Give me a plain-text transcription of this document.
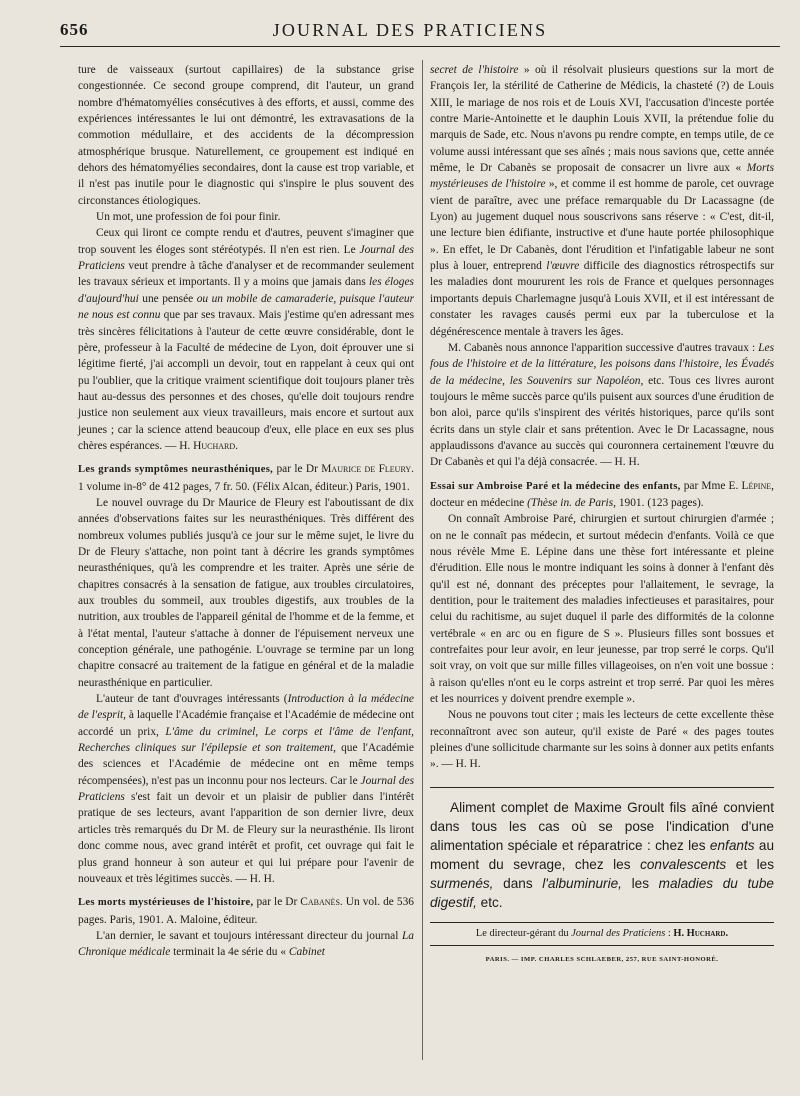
656	JOURNAL DES PRATICIENS

ture de vaisseaux (surtout capillaires) de la substance grise congestionnée. Ce second groupe comprend, dit l'auteur, un grand nombre d'hématomyélies consécutives à des efforts, et aussi, comme des expériences intéressantes le lui ont démontré, les extravasations de la commotion médullaire, et des accidents de la décompression atmosphérique brusque. Naturellement, ce groupement est indiqué en dehors des hématomyélies secondaires, dont la cause est trop variable, et il n'est pas inutile pour le diagnostic qui s'inspire le plus souvent des circonstances étiologiques.

Un mot, une profession de foi pour finir.

Ceux qui liront ce compte rendu et d'autres, peuvent s'imaginer que trop souvent les éloges sont stéréotypés. Il n'en est rien. Le Journal des Praticiens veut prendre à tâche d'analyser et de recommander seulement les travaux sérieux et importants. Il y a moins que jamais dans les éloges d'aujourd'hui une pensée ou un mobile de camaraderie, puisque l'auteur ne nous est connu que par ses travaux. Mais j'estime qu'en adressant mes très sincères félicitations à l'auteur de cette œuvre considérable, dont le père, professeur à la Faculté de médecine de Lyon, doit éprouver une si légitime fierté, j'ai accompli un devoir, tout en rappelant à ceux qui ont pu l'oublier, que la critique vraiment scientifique doit toujours planer très haut au-dessus des personnes et des choses, qu'elle doit toujours rendre justice non seulement aux vieux travailleurs, mais encore et surtout aux jeunes ; car la science attend beaucoup d'eux, elle place en eux ses plus chères espérances. — H. Huchard.

Les grands symptômes neurasthéniques, par le Dr Maurice de Fleury. 1 volume in-8° de 412 pages, 7 fr. 50. (Félix Alcan, éditeur.) Paris, 1901.

Le nouvel ouvrage du Dr Maurice de Fleury est l'aboutissant de dix années d'observations faites sur les neurasthéniques. Très différent des nombreux volumes publiés jusqu'à ce jour sur le même sujet, le livre du Dr de Fleury s'attache, non point tant à décrire les grands symptômes neurasthéniques, qu'à les comprendre et les traiter. Après une série de chapitres consacrés à la sensation de fatigue, aux troubles circulatoires, aux troubles du sommeil, aux troubles digestifs, aux troubles de la nutrition, aux troubles de l'appareil génital de l'homme et de la femme, et à l'état mental, l'auteur s'attache à donner de l'épuisement nerveux une conception générale, une pathogénie. L'ouvrage se termine par un long chapitre consacré au traitement de la fatigue en général et de la maladie neurasthénique en particulier.

L'auteur de tant d'ouvrages intéressants (Introduction à la médecine de l'esprit, à laquelle l'Académie française et l'Académie de médecine ont accordé un prix, L'âme du criminel, Le corps et l'âme de l'enfant, Recherches cliniques sur l'épilepsie et son traitement, que l'Académie des sciences et l'Académie de médecine ont en même temps récompensées), n'est pas un inconnu pour nos lecteurs. Car le Journal des Praticiens s'est fait un devoir et un plaisir de publier dans l'intérêt pratique de ses lecteurs, avant l'apparition de son dernier livre, deux articles très remarqués du Dr M. de Fleury sur la neurasthénie. Ils liront donc comme nous, avec grand intérêt et profit, cet ouvrage qui fait le plus grand honneur à son auteur et qui lui prépare pour l'avenir de nouveaux et très légitimes succès. — H. H.

Les morts mystérieuses de l'histoire, par le Dr Cabanès. Un vol. de 536 pages. Paris, 1901. A. Maloine, éditeur.

L'an dernier, le savant et toujours intéressant directeur du journal La Chronique médicale terminait la 4e série du « Cabinet

secret de l'histoire » où il résolvait plusieurs questions sur la mort de François Ier, la stérilité de Catherine de Médicis, la chasteté (?) de Louis XIII, le mariage de nos rois et de Louis XVI, l'accusation d'inceste portée contre Marie-Antoinette et le dauphin Louis XVII, la prétendue folie du marquis de Sade, etc. Nous n'avons pu rendre compte, en temps utile, de ce volume aussi intéressant que ses aînés ; mais nous savions que, cette année même, le Dr Cabanès se proposait de consacrer un livre aux « Morts mystérieuses de l'histoire », et comme il est homme de parole, cet ouvrage vient de paraître, avec une préface remarquable du Dr Lacassagne (de Lyon) au jugement duquel nous souscrivons sans réserve : « C'est, dit-il, une lecture bien édifiante, instructive et d'une haute portée philosophique ». En effet, le Dr Cabanès, dont l'érudition et l'infatigable labeur ne sont plus à louer, entreprend l'œuvre difficile des diagnostics rétrospectifs sur les maladies dont moururent les rois de France et quelques personnages importants depuis Charlemagne jusqu'à Louis XVII, et il est intéressant de constater les ravages causés permi eux par la tuberculose et la dégénérescence mentale à travers les âges.

M. Cabanès nous annonce l'apparition successive d'autres travaux : Les fous de l'histoire et de la littérature, les poisons dans l'histoire, les Évadés de la médecine, les Souvenirs sur Napoléon, etc. Tous ces livres auront toujours le même succès parce qu'ils puisent aux sources d'une érudition de bon aloi, parce qu'ils s'inspirent des vérités historiques, parce qu'ils sont écrits dans un style clair et sans prétention. Avec le Dr Lacassagne, nous applaudissons d'avance au succès qui couronnera certainement l'œuvre du Dr Cabanès et qui l'a déjà consacrée. — H. H.

Essai sur Ambroise Paré et la médecine des enfants, par Mme E. Lépine, docteur en médecine (Thèse in. de Paris, 1901. (123 pages).

On connaît Ambroise Paré, chirurgien et surtout chirurgien d'armée ; on ne le connaît pas médecin, et surtout médecin d'enfants. Voilà ce que nous révèle Mme E. Lépine dans une thèse fort intéressante et pleine d'érudition. Elle nous le montre indiquant les soins à donner à l'enfant dès qu'il est né, donnant des préceptes pour l'allaitement, le sevrage, la dentition, pour le traitement des maladies infectieuses et parasitaires, pour celui du rachitisme, au sujet duquel il parle des difformités de la colonne vertébrale « en arc ou en figure de S ». Plusieurs filles sont bossues et contrefaites pour leur avoir, en leur jeunesse, par trop serré le corps. Qu'il soit vray, on voit que sur mille filles villageoises, on n'en voit une bossue : à raison qu'elles n'ont eu le corps astreint et trop serré. Par quoi les mères et les nourrices y doivent prendre exemple ».

Nous ne pouvons tout citer ; mais les lecteurs de cette excellente thèse reconnaîtront avec son auteur, qu'il existe de Paré « des pages toutes pleines d'une sollicitude charmante sur les soins à donner aux petits enfants ». — H. H.

Aliment complet de Maxime Groult fils aîné convient dans tous les cas où se pose l'indication d'une alimentation spéciale et réparatrice : chez les enfants au moment du sevrage, chez les convalescents et les surmenés, dans l'albuminurie, les maladies du tube digestif, etc.

Le directeur-gérant du Journal des Praticiens : H. Huchard.
PARIS. — IMP. CHARLES SCHLAEBER, 257, RUE SAINT-HONORÉ.
